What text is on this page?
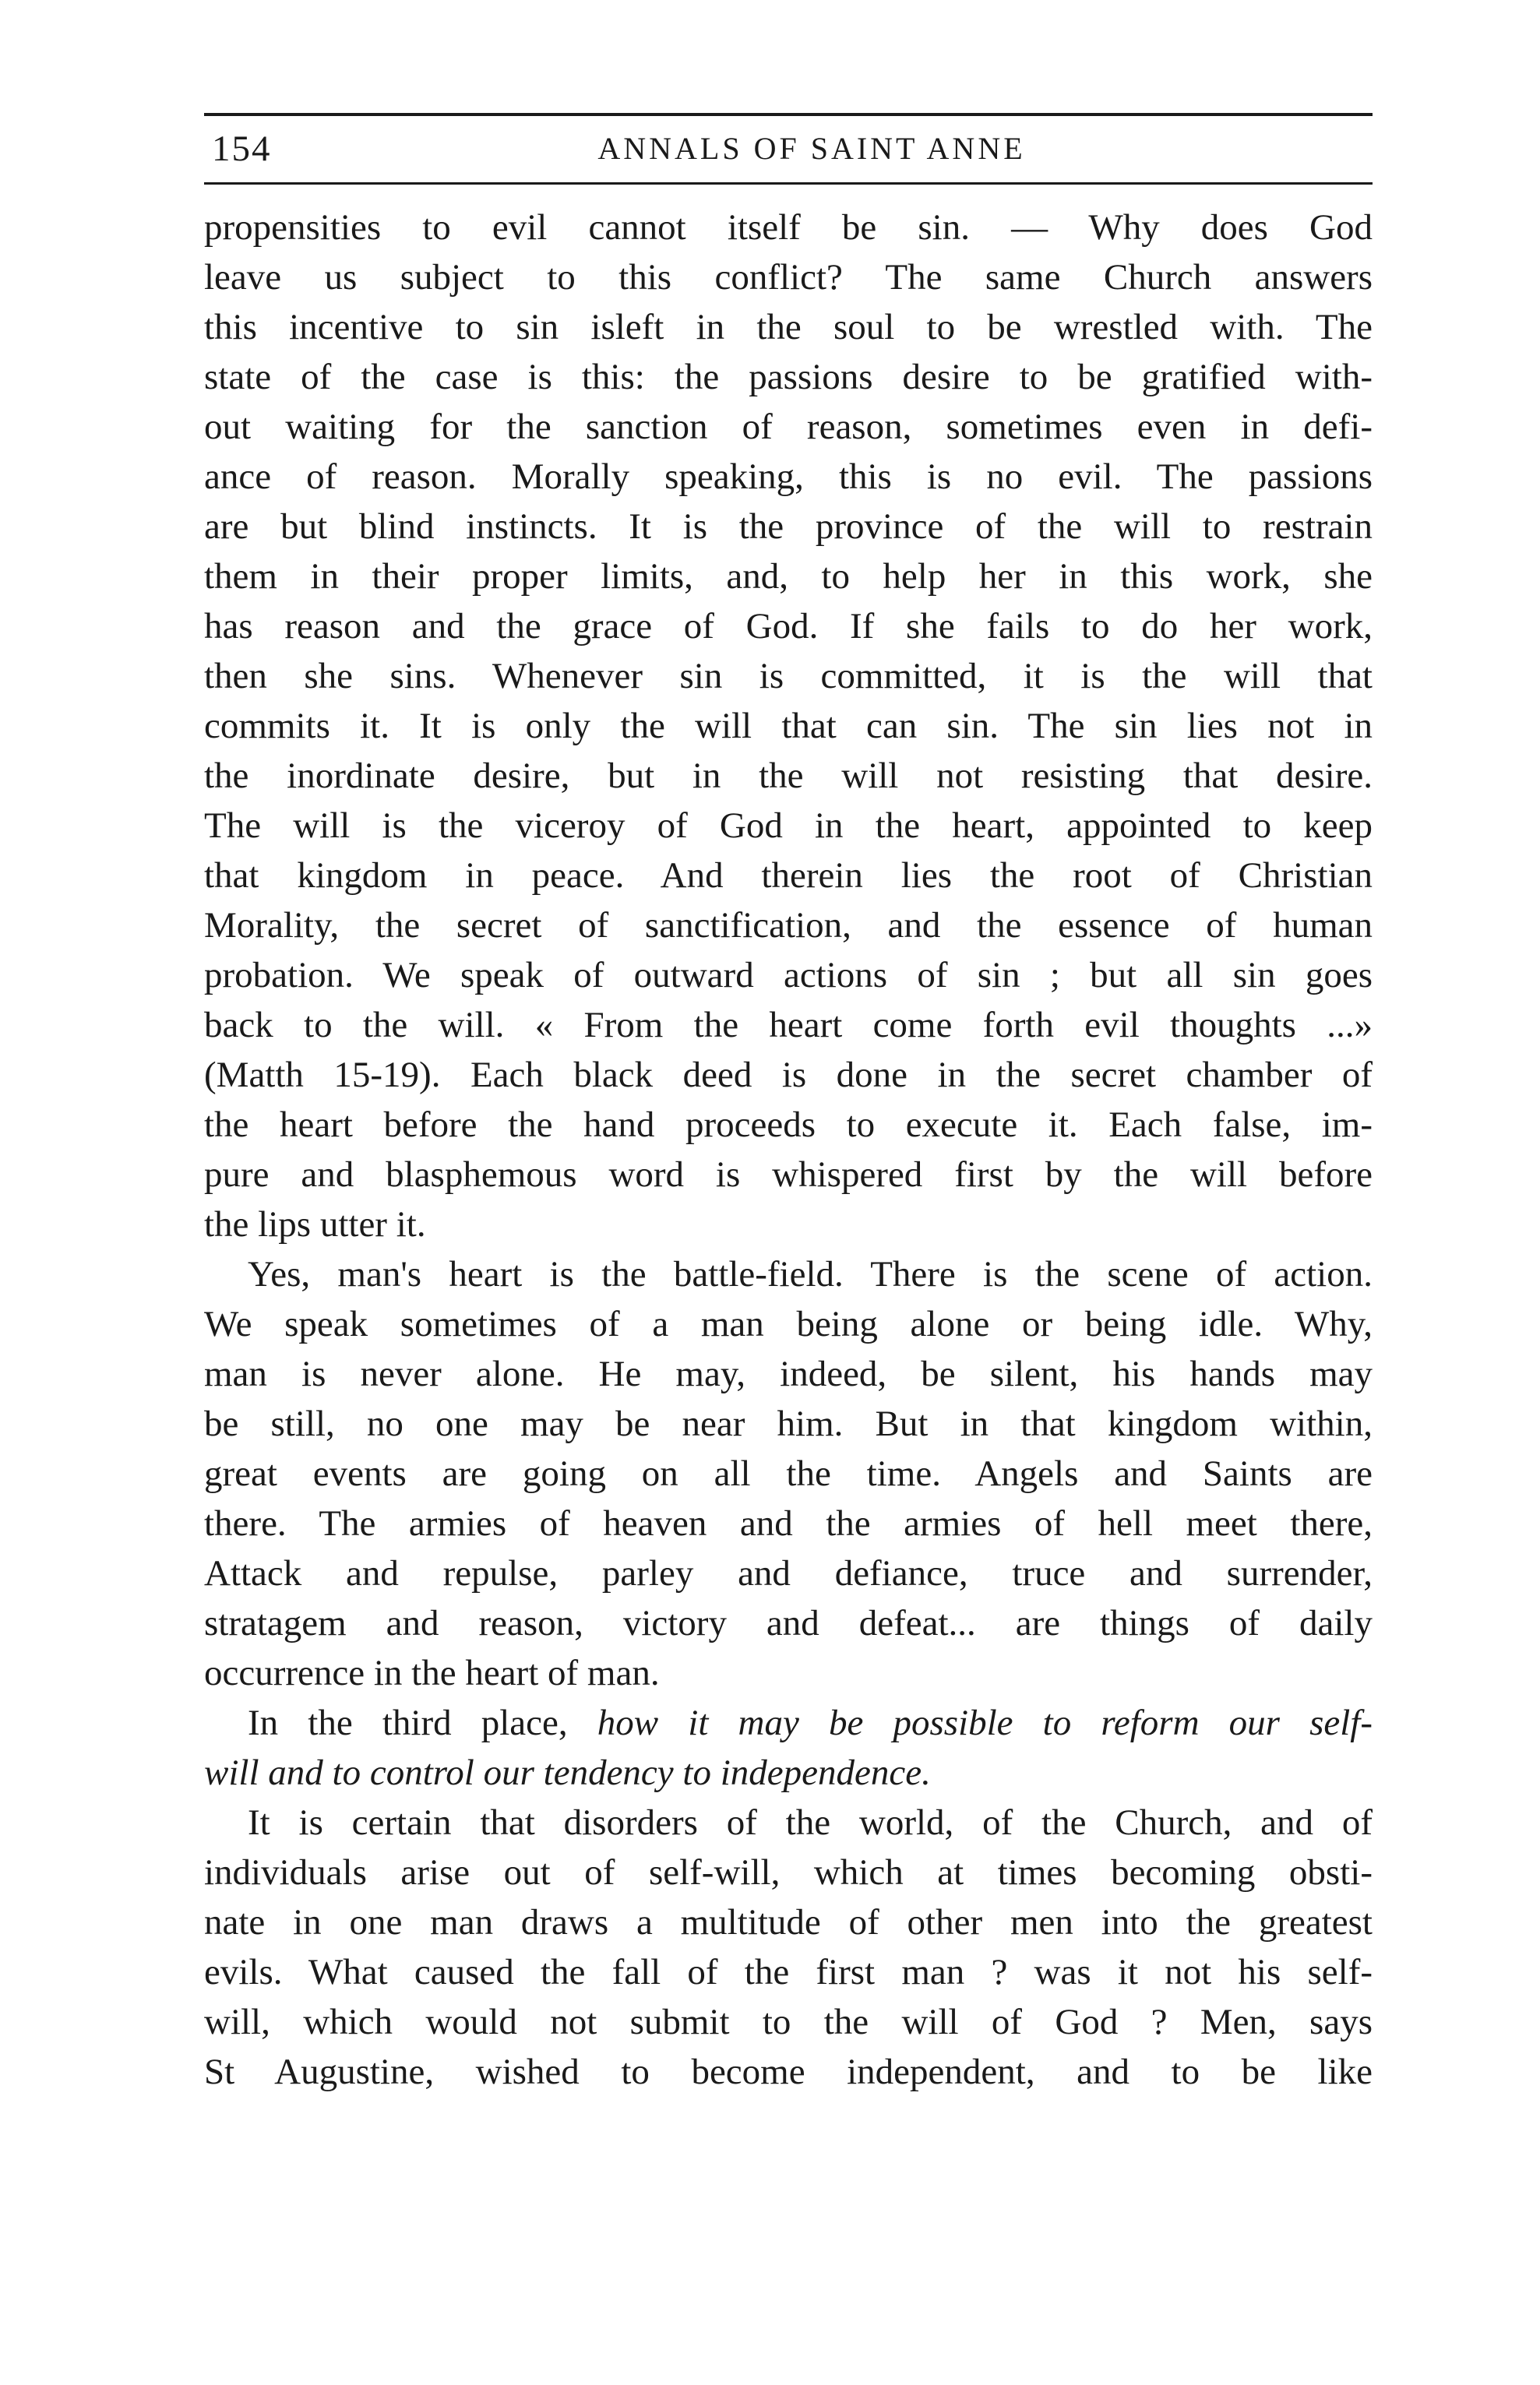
154	ANNALS OF SAINT ANNE
propensities to evil cannot itself be sin. — Why does God
leave us subject to this conflict? The same Church answers
this incentive to sin isleft in the soul to be wrestled with. The
state of the case is this: the passions desire to be gratified with-
out waiting for the sanction of reason, sometimes even in defi-
ance of reason. Morally speaking, this is no evil. The passions
are but blind instincts. It is the province of the will to restrain
them in their proper limits, and, to help her in this work, she
has reason and the grace of God. If she fails to do her work,
then she sins. Whenever sin is committed, it is the will that
commits it. It is only the will that can sin. The sin lies not in
the inordinate desire, but in the will not resisting that desire.
The will is the viceroy of God in the heart, appointed to keep
that kingdom in peace. And therein lies the root of Christian
Morality, the secret of sanctification, and the essence of human
probation. We speak of outward actions of sin ; but all sin goes
back to the will. « From the heart come forth evil thoughts ...»
(Matth 15-19). Each black deed is done in the secret chamber of
the heart before the hand proceeds to execute it. Each false, im-
pure and blasphemous word is whispered first by the will before
the lips utter it.
Yes, man's heart is the battle-field. There is the scene of action.
We speak sometimes of a man being alone or being idle. Why,
man is never alone. He may, indeed, be silent, his hands may
be still, no one may be near him. But in that kingdom within,
great events are going on all the time. Angels and Saints are
there. The armies of heaven and the armies of hell meet there,
Attack and repulse, parley and defiance, truce and surrender,
stratagem and reason, victory and defeat... are things of daily
occurrence in the heart of man.
In the third place, how it may be possible to reform our self-
will and to control our tendency to independence.
It is certain that disorders of the world, of the Church, and of
individuals arise out of self-will, which at times becoming obsti-
nate in one man draws a multitude of other men into the greatest
evils. What caused the fall of the first man ? was it not his self-
will, which would not submit to the will of God ? Men, says
St Augustine, wished to become independent, and to be like
